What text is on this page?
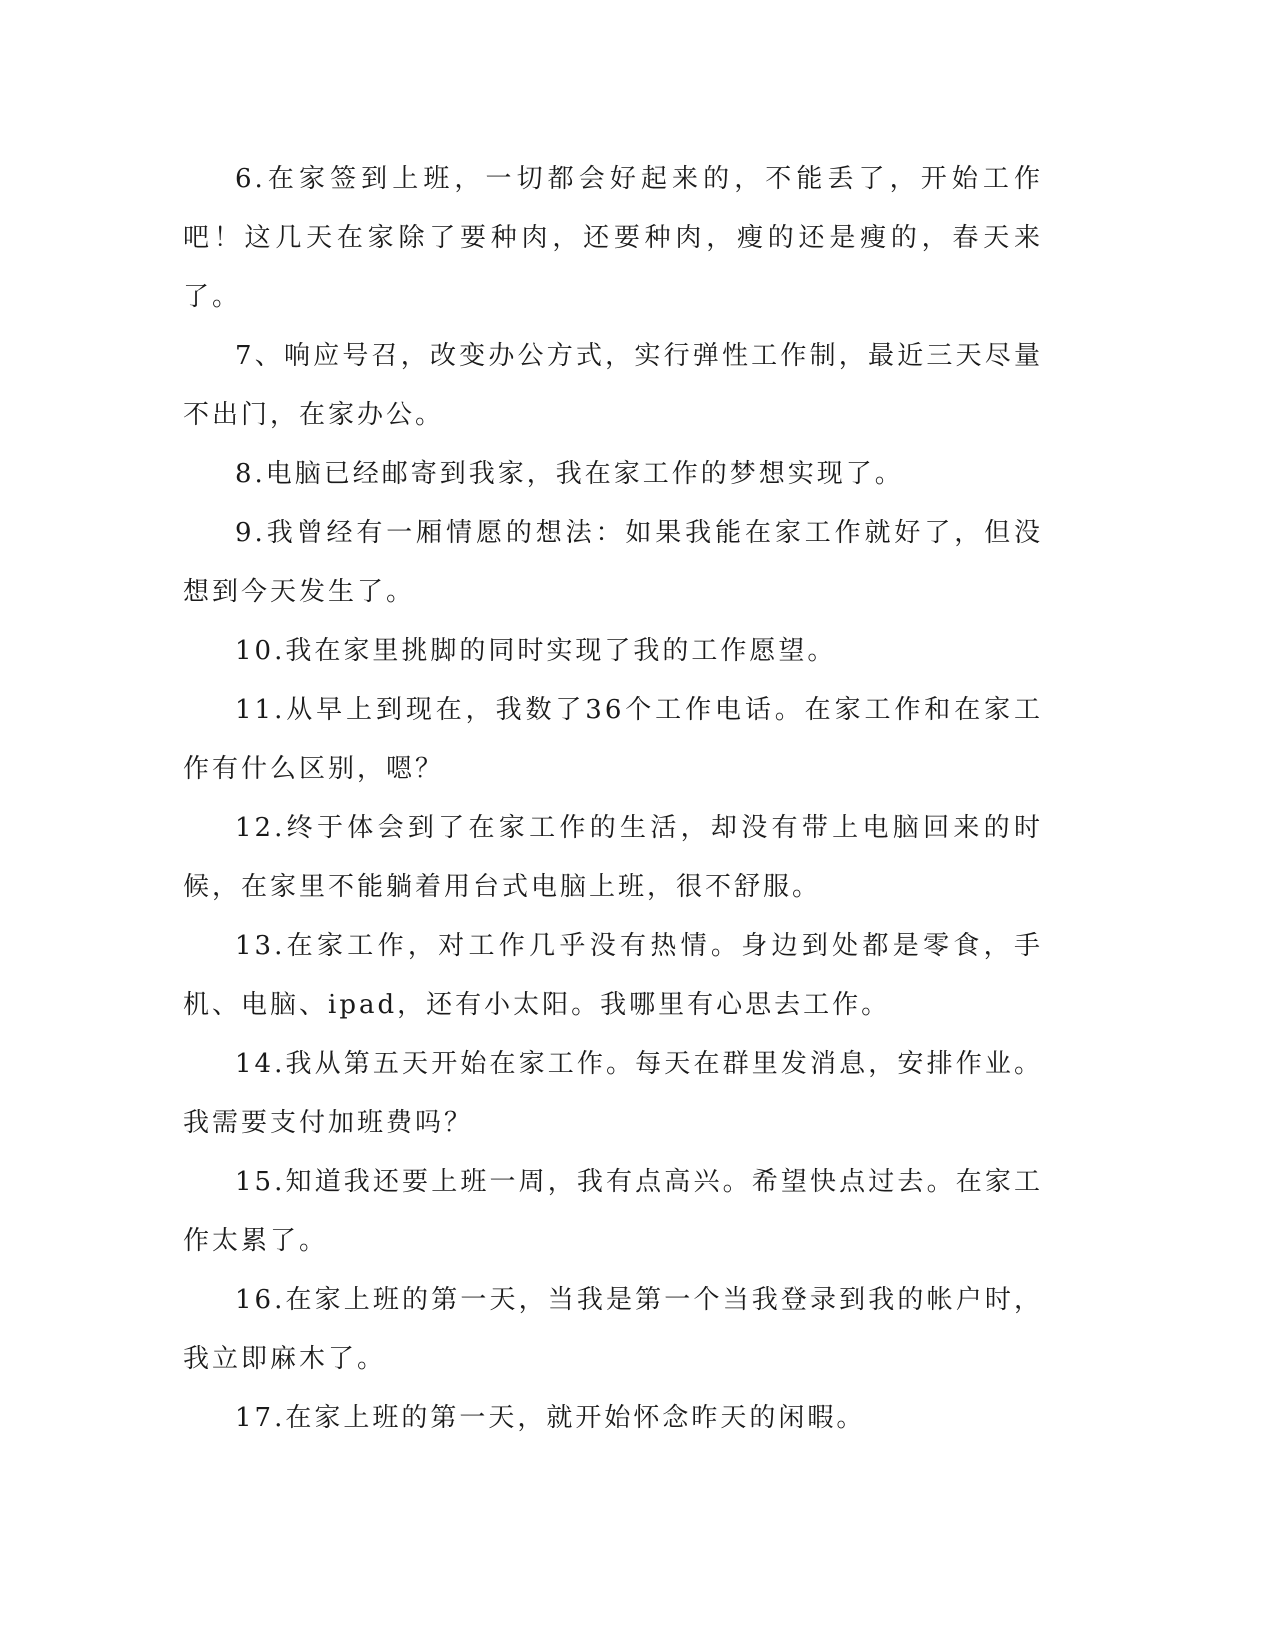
6.在家签到上班，一切都会好起来的，不能丢了，开始工作吧！这几天在家除了要种肉，还要种肉，瘦的还是瘦的，春天来了。

7、响应号召，改变办公方式，实行弹性工作制，最近三天尽量不出门，在家办公。

8.电脑已经邮寄到我家，我在家工作的梦想实现了。

9.我曾经有一厢情愿的想法：如果我能在家工作就好了，但没想到今天发生了。

10.我在家里挑脚的同时实现了我的工作愿望。

11.从早上到现在，我数了36个工作电话。在家工作和在家工作有什么区别，嗯？

12.终于体会到了在家工作的生活，却没有带上电脑回来的时候，在家里不能躺着用台式电脑上班，很不舒服。

13.在家工作，对工作几乎没有热情。身边到处都是零食，手机、电脑、ipad，还有小太阳。我哪里有心思去工作。

14.我从第五天开始在家工作。每天在群里发消息，安排作业。我需要支付加班费吗？

15.知道我还要上班一周，我有点高兴。希望快点过去。在家工作太累了。

16.在家上班的第一天，当我是第一个当我登录到我的帐户时，我立即麻木了。

17.在家上班的第一天，就开始怀念昨天的闲暇。
